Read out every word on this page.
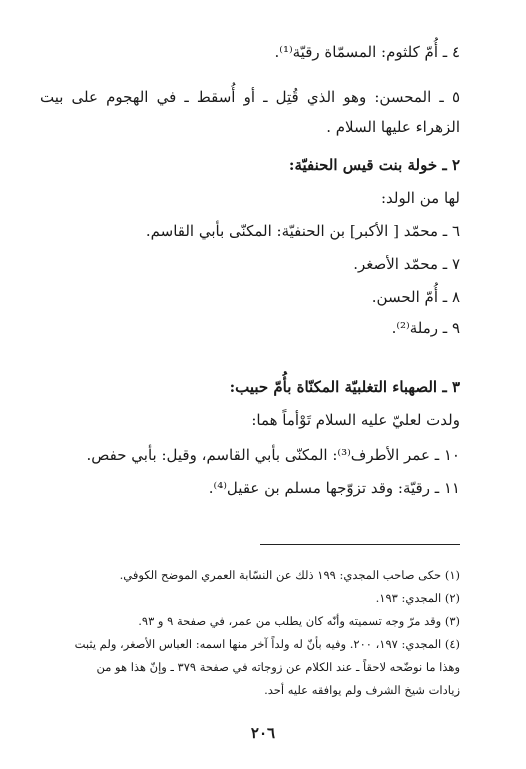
٤ ـ أُمّ كلثوم: المسمّاة رقيّة⁽¹⁾.
٥ ـ المحسن: وهو الذي قُتِل ـ أو أُسقط ـ في الهجوم على بيت
الزهراء عليها السلام .
٢ ـ خولة بنت قيس الحنفيّة:
لها من الولد:
٦ ـ محمّد [ الأكبر] بن الحنفيّة: المكنّى بأبي القاسم.
٧ ـ محمّد الأصغر.
٨ ـ أُمّ الحسن.
٩ ـ رملة⁽²⁾.
٣ ـ الصهباء التغلبيّة المكنّاة بأُمّ حبيب:
ولدت لعليّ عليه السلام تَوْأماً هما:
١٠ ـ عمر الأطرف⁽³⁾: المكنّى بأبي القاسم، وقيل: بأبي حفص.
١١ ـ رقيّة: وقد تزوّجها مسلم بن عقيل⁽⁴⁾.
(١) حكى صاحب المجدي: ١٩٩ ذلك عن النسّابة العمري الموضح الكوفي.
(٢) المجدي: ١٩٣.
(٣) وقد مرّ وجه تسميته وأنّه كان يطلب من عمر، في صفحة ٩ و ٩٣.
(٤) المجدي: ١٩٧، ٢٠٠. وفيه بأنّ له ولداً آخر منها اسمه: العباس الأصغر، ولم يثبت
وهذا ما نوضّحه لاحقاً ـ عند الكلام عن زوجاته في صفحة ٣٧٩ ـ وإنّ هذا هو من
زيادات شيخ الشرف ولم يوافقه عليه أحد.
٢٠٦
